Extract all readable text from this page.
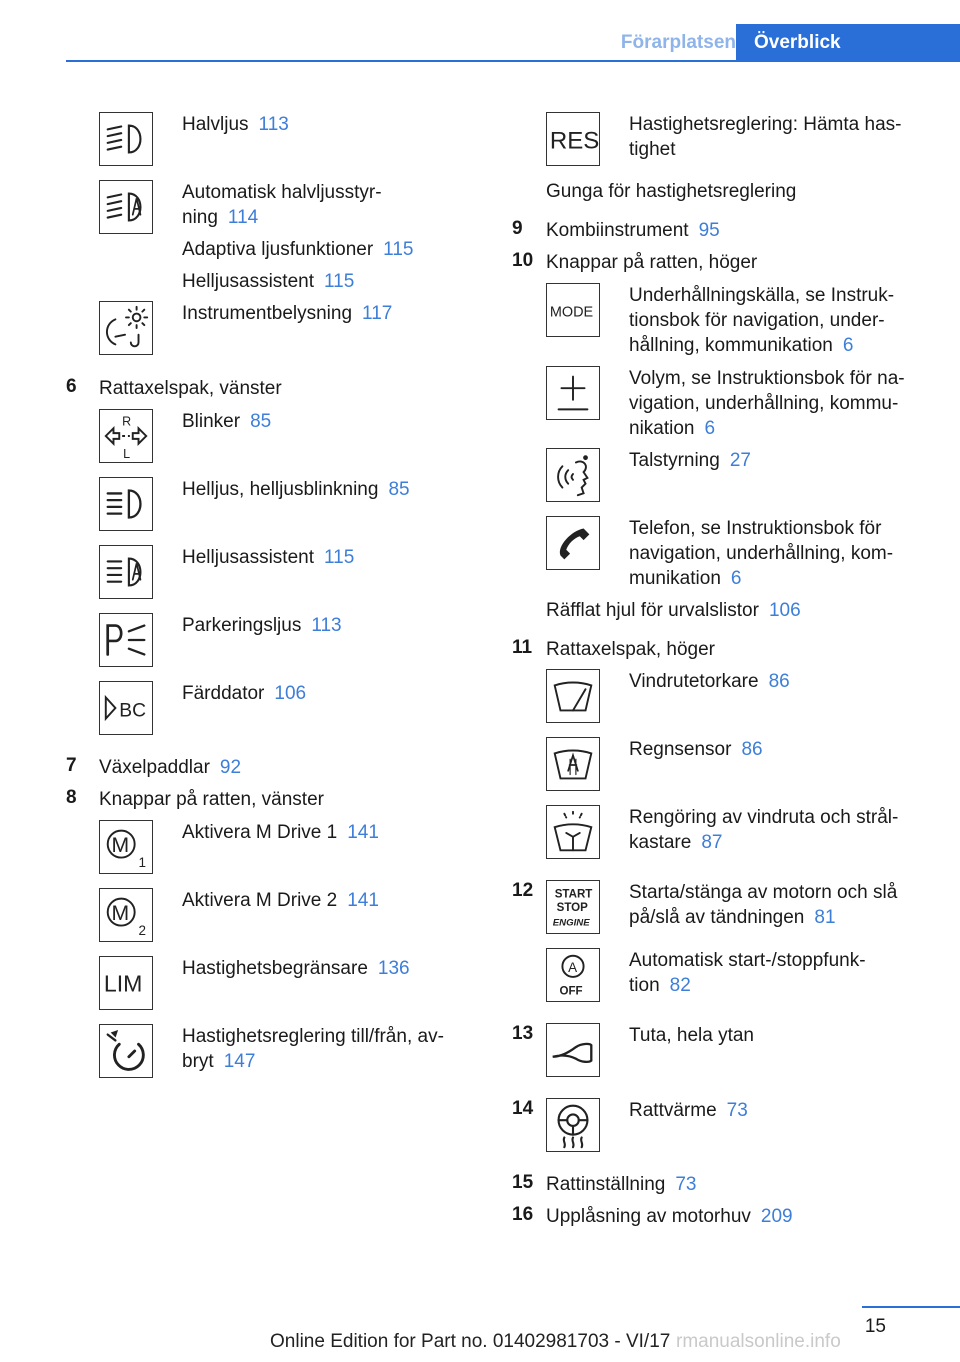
Förarplatsen Överblick
Halvljus 113
Automatisk halvljusstyr-
ning 114
Adaptiva ljusfunktioner 115
Helljusassistent 115
Instrumentbelysning 117
6 Rattaxelspak, vänster
R
L
Blinker 85
Helljus, helljusblinkning 85
Helljusassistent 115
Parkeringsljus 113
BC
Färddator 106
7 Växelpaddlar 92
8 Knappar på ratten, vänster
M
1
Aktivera M Drive 1 141
M
2
Aktivera M Drive 2 141
LIM
Hastighetsbegränsare 136
Hastighetsreglering till/från, av-
bryt 147
RES
Hastighetsreglering: Hämta has-
tighet
Gunga för hastighetsreglering
9 Kombiinstrument 95
10 Knappar på ratten, höger
MODE
Underhållningskälla, se Instruk-
tionsbok för navigation, under-
hållning, kommunikation 6
Volym, se Instruktionsbok för na-
vigation, underhållning, kommu-
nikation 6
Talstyrning 27
Telefon, se Instruktionsbok för
navigation, underhållning, kom-
munikation 6
Räfflat hjul för urvalslistor 106
11 Rattaxelspak, höger
Vindrutetorkare 86
Regnsensor 86
Rengöring av vindruta och strål-
kastare 87
12 START
STOP
ENGINE
Starta/stänga av motorn och slå
på/slå av tändningen 81
A
OFF
Automatisk start-/stoppfunk-
tion 82
13	Tuta, hela ytan
14	Rattvärme 73
15 Rattinställning 73
16 Upplåsning av motorhuv 209
15
Online Edition for Part no. 01402981703 - VI/17 rmanualsonline.info
